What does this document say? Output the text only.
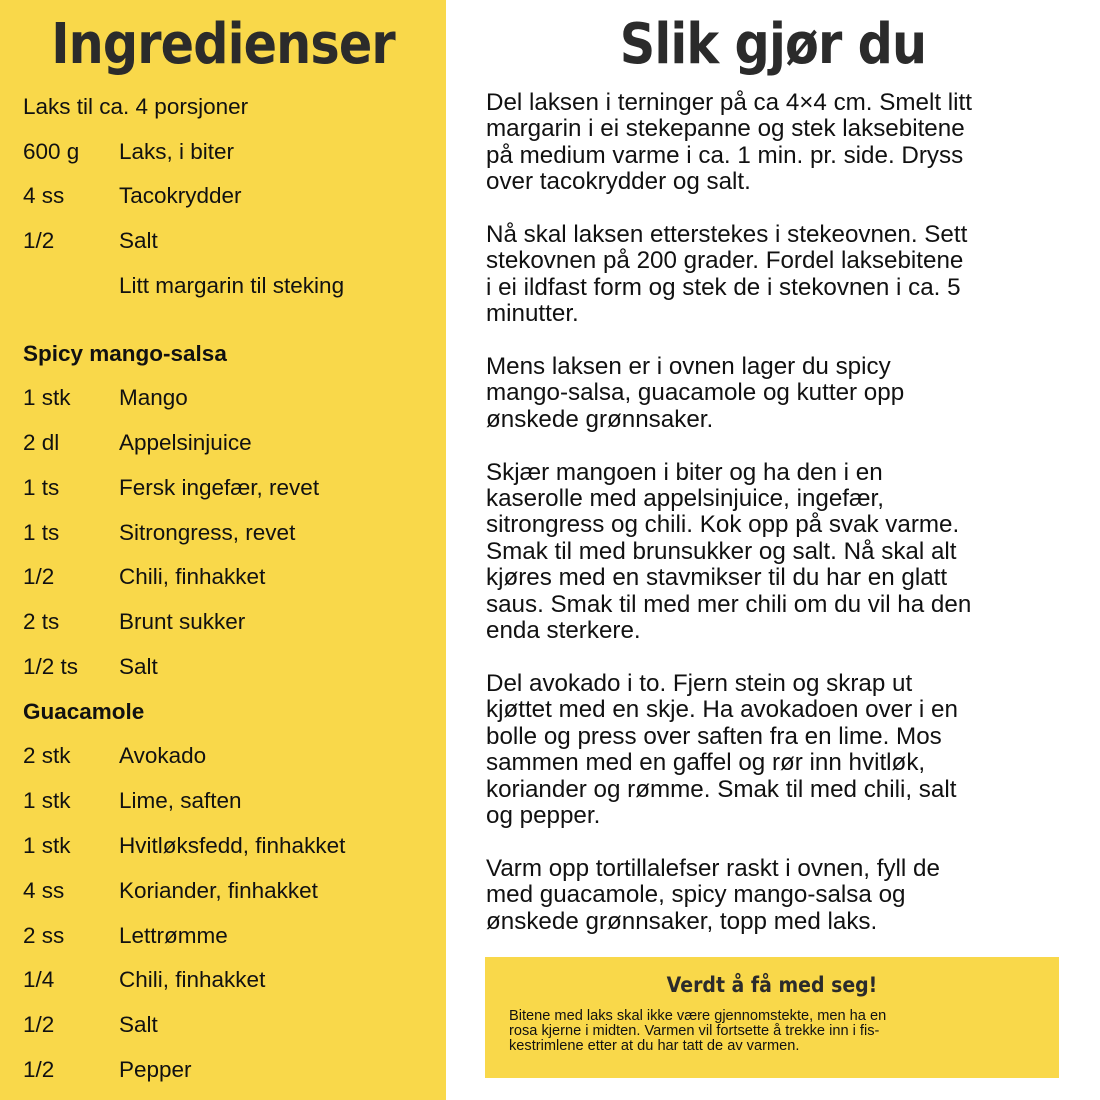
Ingredienser
Laks til ca. 4 porsjoner
600 g Laks, i biter
4 ss Tacokrydder
1/2	Salt
Litt margarin til steking
Spicy mango-salsa
1 stk Mango
2 dl	Appelsinjuice
1 ts	Fersk ingefær, revet
1 ts	Sitrongress, revet
1/2	Chili, finhakket
2 ts	Brunt sukker
1/2 ts Salt
Guacamole
2 stk Avokado
1 stk Lime, saften
1 stk Hvitløksfedd, finhakket
4 ss Koriander, finhakket
2 ss Lettrømme
1/4	Chili, finhakket
1/2	Salt
1/2	Pepper
Slik gjør du

Del laksen i terninger på ca 4×4 cm. Smelt litt
margarin i ei stekepanne og stek laksebitene
på medium varme i ca. 1 min. pr. side. Dryss
over tacokrydder og salt.

Nå skal laksen etterstekes i stekeovnen. Sett
stekovnen på 200 grader. Fordel laksebitene
i ei ildfast form og stek de i stekovnen i ca. 5
minutter.

Mens laksen er i ovnen lager du spicy
mango-salsa, guacamole og kutter opp
ønskede grønnsaker.

Skjær mangoen i biter og ha den i en
kaserolle med appelsinjuice, ingefær,
sitrongress og chili. Kok opp på svak varme.
Smak til med brunsukker og salt. Nå skal alt
kjøres med en stavmikser til du har en glatt
saus. Smak til med mer chili om du vil ha den
enda sterkere.

Del avokado i to. Fjern stein og skrap ut
kjøttet med en skje. Ha avokadoen over i en
bolle og press over saften fra en lime. Mos
sammen med en gaffel og rør inn hvitløk,
koriander og rømme. Smak til med chili, salt
og pepper.

Varm opp tortillalefser raskt i ovnen, fyll de
med guacamole, spicy mango-salsa og
ønskede grønnsaker, topp med laks.

Verdt å få med seg!
Bitene med laks skal ikke være gjennomstekte, men ha en
rosa kjerne i midten. Varmen vil fortsette å trekke inn i fis-
kestrimlene etter at du har tatt de av varmen.
